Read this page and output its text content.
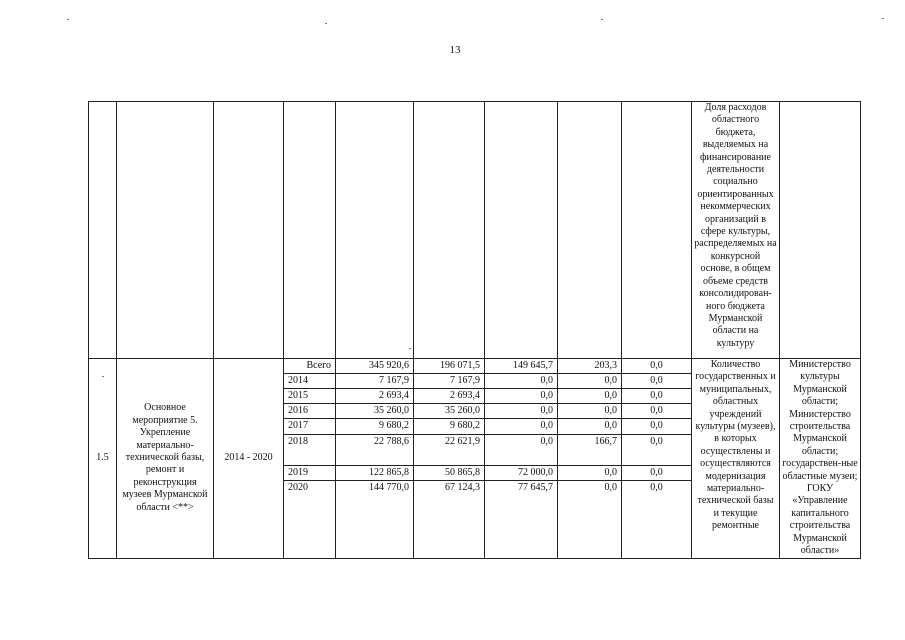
13
									Доля расходов областного бюджета, выделяемых на финансирование деятельности социально ориентированных некоммерческих организаций в сфере культуры, распределяемых на конкурсной основе, в общем объеме средств консолидирован-ного бюджета Мурманской области на культуру	
1.5	Основное мероприятие 5. Укрепление материально-технической базы, ремонт и реконструкция музеев Мурманской области <**>	2014 - 2020	Всего	345 920,6	196 071,5	149 645,7	203,3	0,0	Количество государственных и муниципальных, областных учреждений культуры (музеев), в которых осуществлены и осуществляются модернизация материально-технической базы и текущие ремонтные	Министерство культуры Мурманской области; Министерство строительства Мурманской области; государствен-ные областные музеи; ГОКУ «Управление капитального строительства Мурманской области»
			2014	7 167,9	7 167,9	0,0	0,0	0,0		
			2015	2 693,4	2 693,4	0,0	0,0	0,0		
			2016	35 260,0	35 260,0	0,0	0,0	0,0		
			2017	9 680,2	9 680,2	0,0	0,0	0,0		
			2018	22 788,6	22 621,9	0,0	166,7	0,0		
			2019	122 865,8	50 865,8	72 000,0	0,0	0,0		
			2020	144 770,0	67 124,3	77 645,7	0,0	0,0		
